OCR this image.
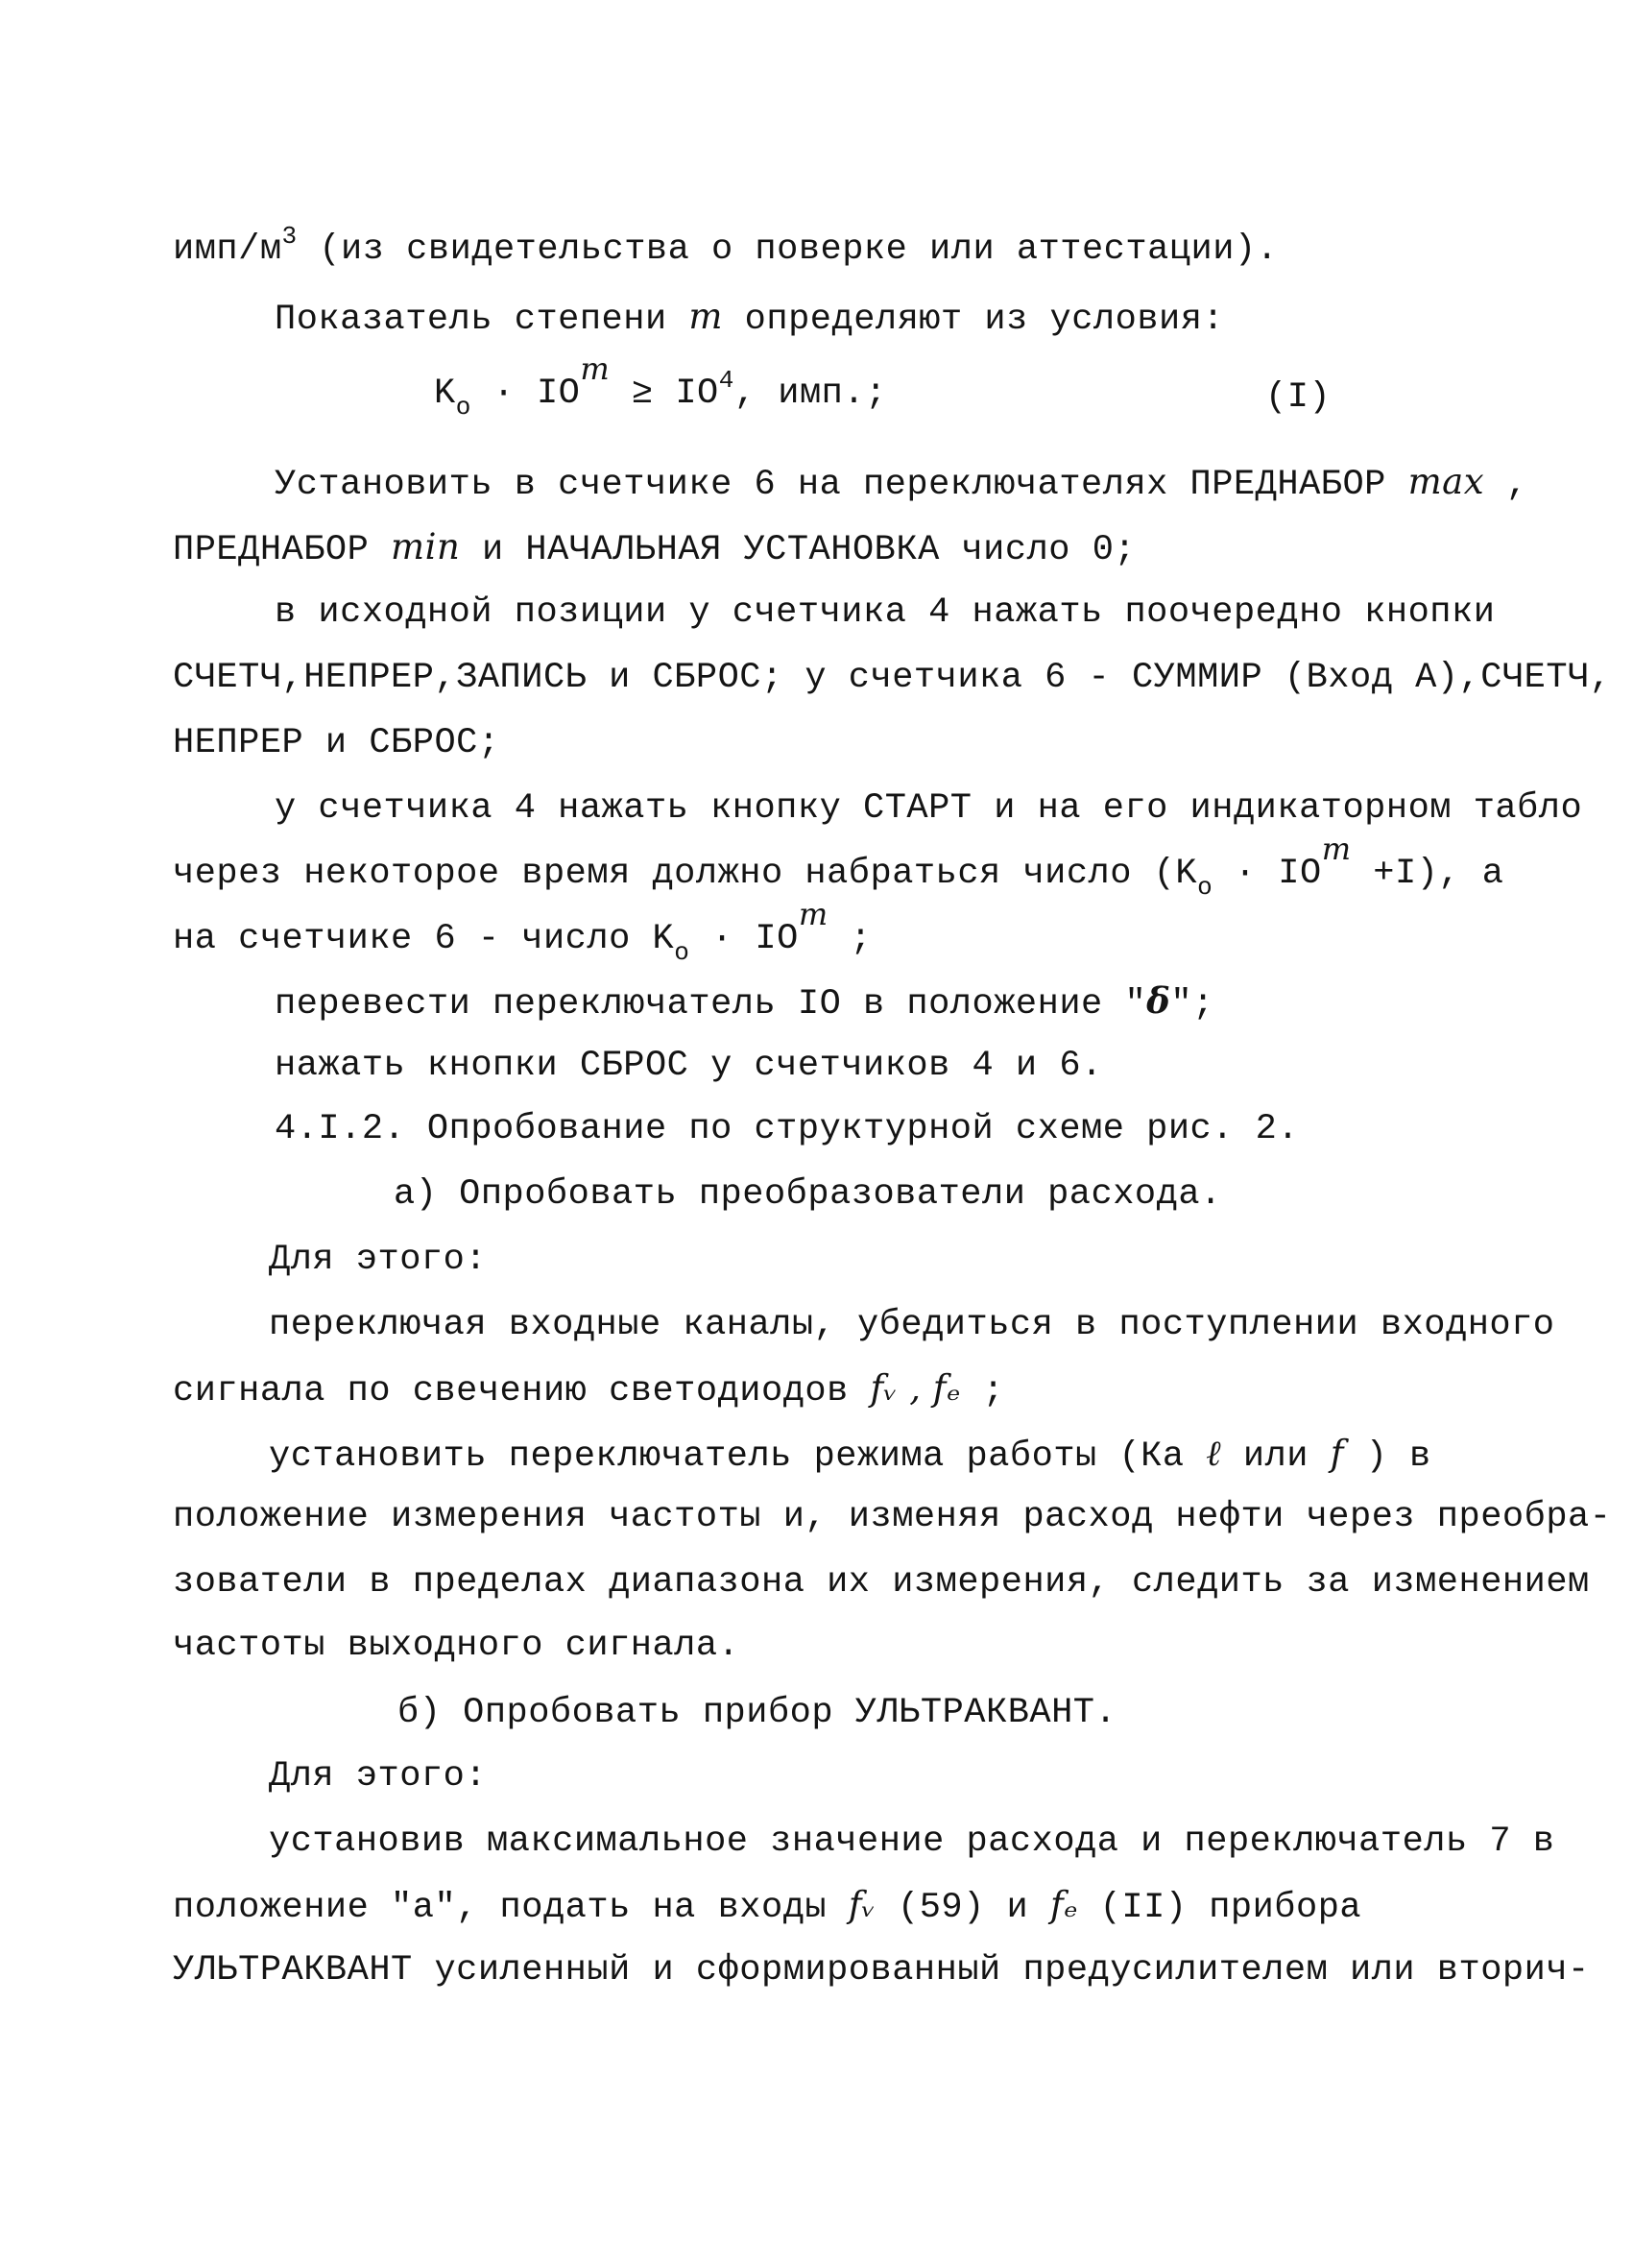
имп/$м^3$ (из свидетельства о поверке или аттестации).
Показатель степени m определяют из условия:
$K_o$ · IOm ≥ $IO^4$, имп.;	(I)
Установить в счетчике 6 на переключателях ПРЕДНАБОР max ,
ПРЕДНАБОР min и НАЧАЛЬНАЯ УСТАНОВКА число 0;
в исходной позиции у счетчика 4 нажать поочередно кнопки
СЧЕТЧ,НЕПРЕР,ЗАПИСЬ и СБРОС; у счетчика 6 - СУММИР (Вход А),СЧЕТЧ,
НЕПРЕР и СБРОС;
у счетчика 4 нажать кнопку СТАРТ и на его индикаторном табло
через некоторое время должно набраться число ($K_o$ · IOm +I), а
на счетчике 6 - число $K_o$ · IOm ;
перевести переключатель IO в положение "δ";
нажать кнопки СБРОС у счетчиков 4 и 6.
4.I.2. Опробование по структурной схеме рис. 2.
а) Опробовать преобразователи расхода.
Для этого:
переключая входные каналы, убедиться в поступлении входного
сигнала по свечению светодиодов fᵥ , fₑ ;
установить переключатель режима работы (Ка ℓ или f ) в
положение измерения частоты и, изменяя расход нефти через преобра-
зователи в пределах диапазона их измерения, следить за изменением
частоты выходного сигнала.
б) Опробовать прибор УЛЬТРАКВАНТ.
Для этого:
установив максимальное значение расхода и переключатель 7 в
положение "а", подать на входы fᵥ (59) и fₑ (II) прибора
УЛЬТРАКВАНТ усиленный и сформированный предусилителем или вторич-
